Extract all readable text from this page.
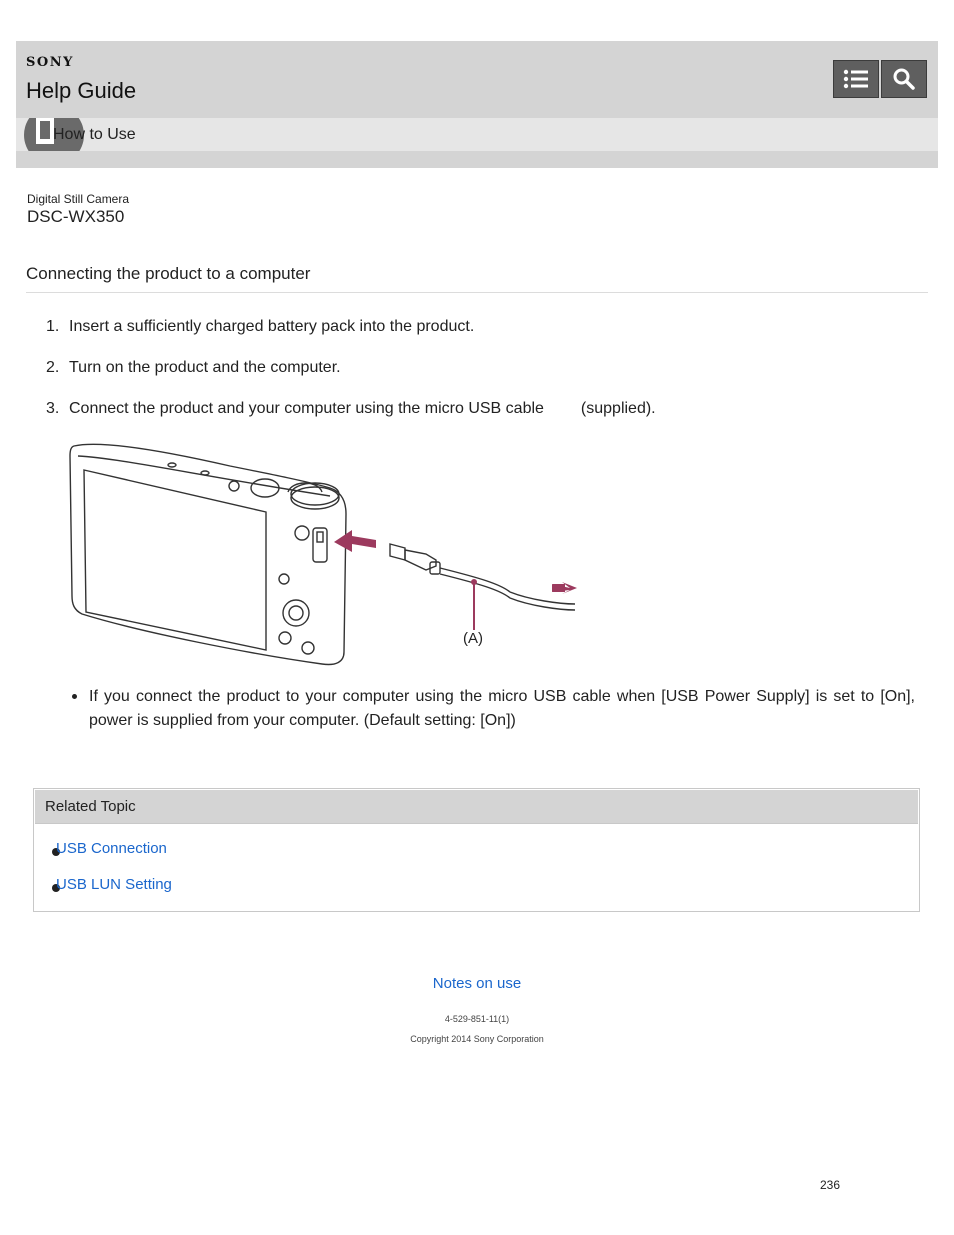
SONY
Help Guide
How to Use
Digital Still Camera
DSC-WX350
Connecting the product to a computer
1. Insert a sufficiently charged battery pack into the product.
2. Turn on the product and the computer.
3. Connect the product and your computer using the micro USB cable (supplied).
(A)
If you connect the product to your computer using the micro USB cable when [USB Power Supply] is set to [On], power is supplied from your computer. (Default setting: [On])
Related Topic
USB Connection
USB LUN Setting
Notes on use
4-529-851-11(1)
Copyright 2014 Sony Corporation
236
